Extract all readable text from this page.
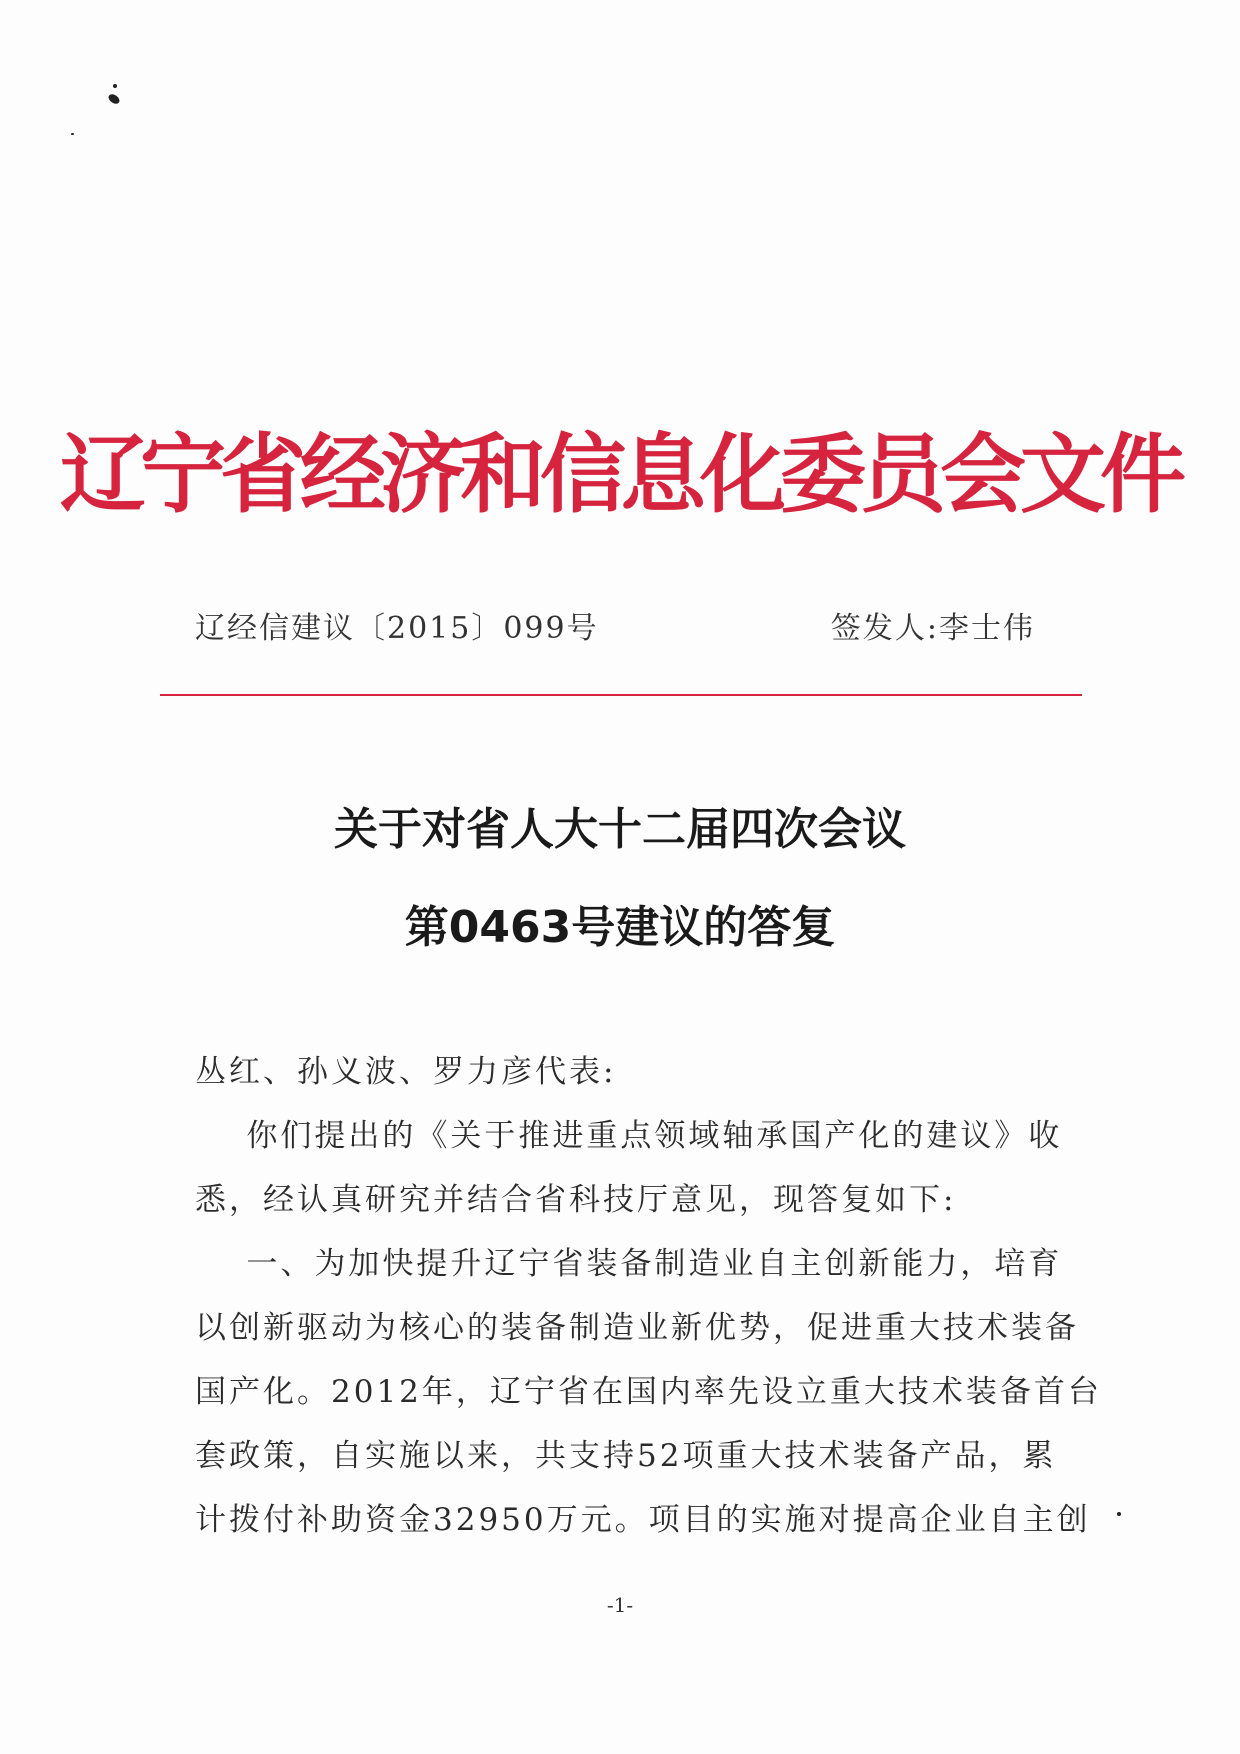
辽宁省经济和信息化委员会文件
辽经信建议〔2015〕099号	签发人:李士伟
关于对省人大十二届四次会议
第0463号建议的答复
丛红、孙义波、罗力彦代表:
你们提出的《关于推进重点领域轴承国产化的建议》收
悉，经认真研究并结合省科技厅意见，现答复如下:
一、为加快提升辽宁省装备制造业自主创新能力，培育
以创新驱动为核心的装备制造业新优势，促进重大技术装备
国产化。2012年，辽宁省在国内率先设立重大技术装备首台
套政策，自实施以来，共支持52项重大技术装备产品，累
计拨付补助资金32950万元。项目的实施对提高企业自主创
-1-
